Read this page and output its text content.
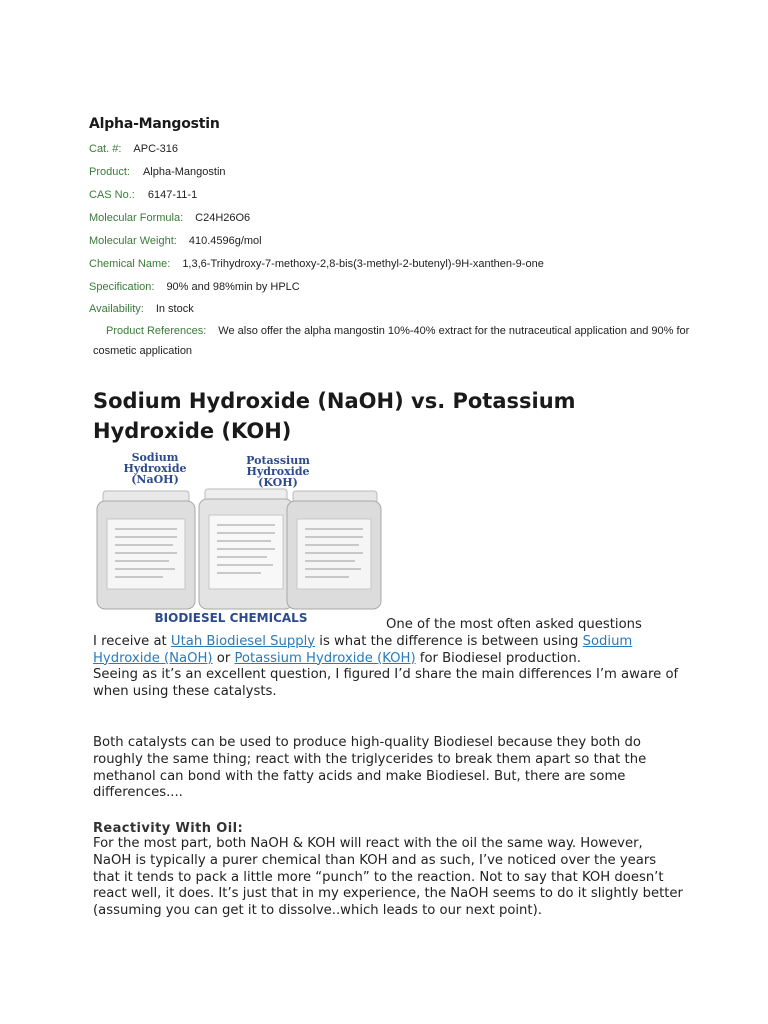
Alpha-Mangostin
Cat. #: APC-316
Product: Alpha-Mangostin
CAS No.: 6147-11-1
Molecular Formula: C24H26O6
Molecular Weight: 410.4596g/mol
Chemical Name: 1,3,6-Trihydroxy-7-methoxy-2,8-bis(3-methyl-2-butenyl)-9H-xanthen-9-one
Specification: 90% and 98%min by HPLC
Availability: In stock
Product References: We also offer the alpha mangostin 10%-40% extract for the nutraceutical application and 90% for cosmetic application
Sodium Hydroxide (NaOH) vs. Potassium Hydroxide (KOH)
Sodium
Hydroxide
(NaOH)
Potassium
Hydroxide
(KOH)
BIODIESEL CHEMICALS	One of the most often asked questions
I receive at Utah Biodiesel Supply is what the difference is between using Sodium Hydroxide (NaOH) or Potassium Hydroxide (KOH) for Biodiesel production.
Seeing as it’s an excellent question, I figured I’d share the main differences I’m aware of when using these catalysts.
Both catalysts can be used to produce high-quality Biodiesel because they both do roughly the same thing; react with the triglycerides to break them apart so that the methanol can bond with the fatty acids and make Biodiesel. But, there are some differences....
Reactivity With Oil:
For the most part, both NaOH & KOH will react with the oil the same way. However, NaOH is typically a purer chemical than KOH and as such, I’ve noticed over the years that it tends to pack a little more “punch” to the reaction. Not to say that KOH doesn’t react well, it does. It’s just that in my experience, the NaOH seems to do it slightly better (assuming you can get it to dissolve..which leads to our next point).
